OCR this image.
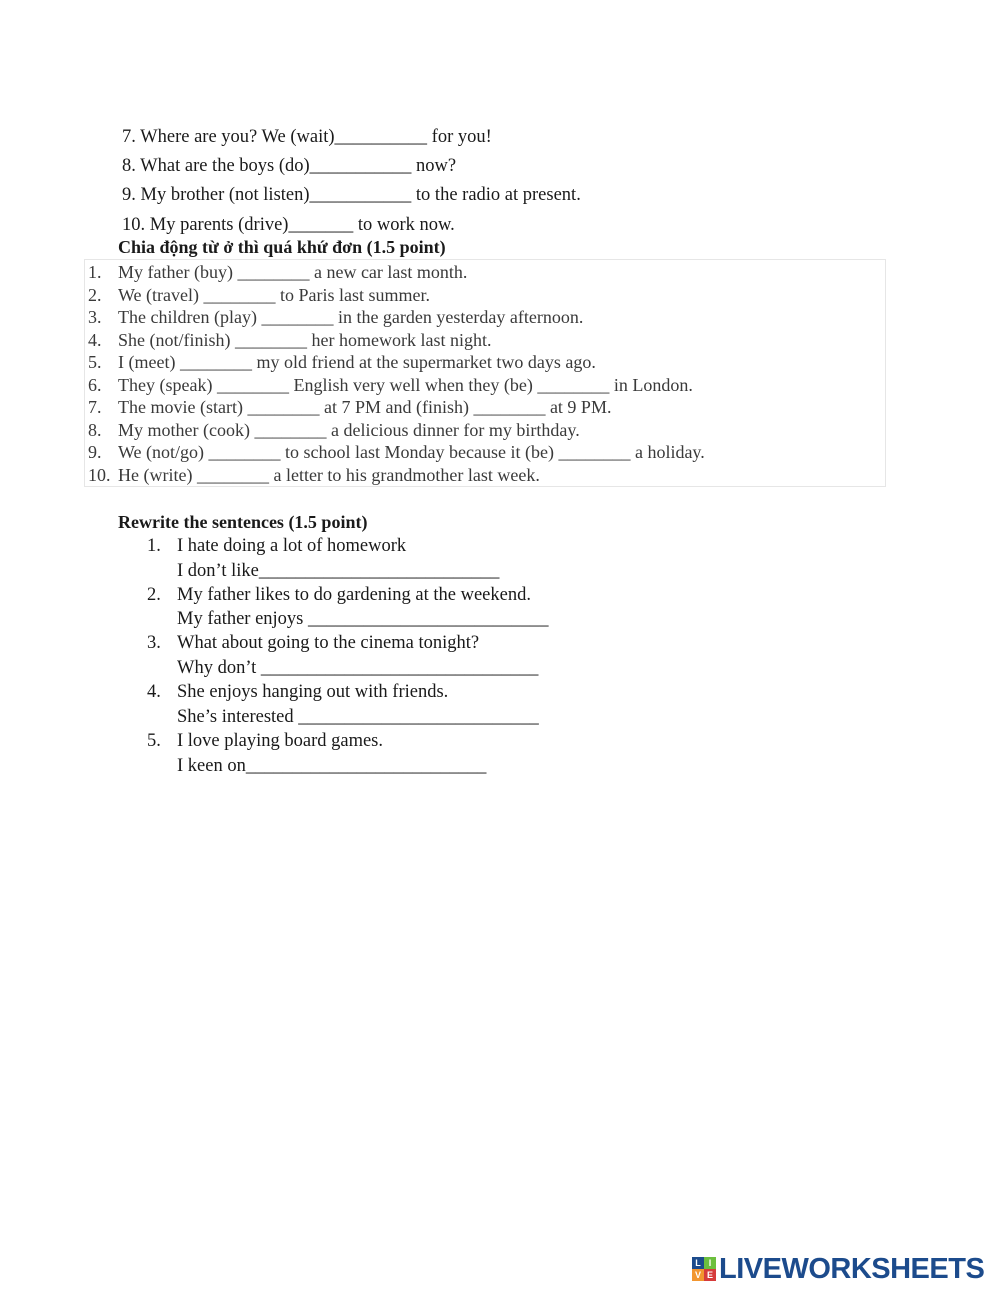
7. Where are you? We (wait)__________ for you!
8. What are the boys (do)___________ now?
9. My brother (not listen)___________ to the radio at present.
10. My parents (drive)_______ to work now.
Chia động từ ở thì quá khứ đơn (1.5 point)
1. My father (buy) ________ a new car last month.
2. We (travel) ________ to Paris last summer.
3. The children (play) ________ in the garden yesterday afternoon.
4. She (not/finish) ________ her homework last night.
5. I (meet) ________ my old friend at the supermarket two days ago.
6. They (speak) ________ English very well when they (be) ________ in London.
7. The movie (start) ________ at 7 PM and (finish) ________ at 9 PM.
8. My mother (cook) ________ a delicious dinner for my birthday.
9. We (not/go) ________ to school last Monday because it (be) ________ a holiday.
10. He (write) ________ a letter to his grandmother last week.
Rewrite the sentences (1.5 point)
1. I hate doing a lot of homework
I don’t like__________________________
2. My father likes to do gardening at the weekend.
My father enjoys __________________________
3. What about going to the cinema tonight?
Why don’t ______________________________
4. She enjoys hanging out with friends.
She’s interested __________________________
5. I love playing board games.
I keen on__________________________
L I
V E LIVEWORKSHEETS
